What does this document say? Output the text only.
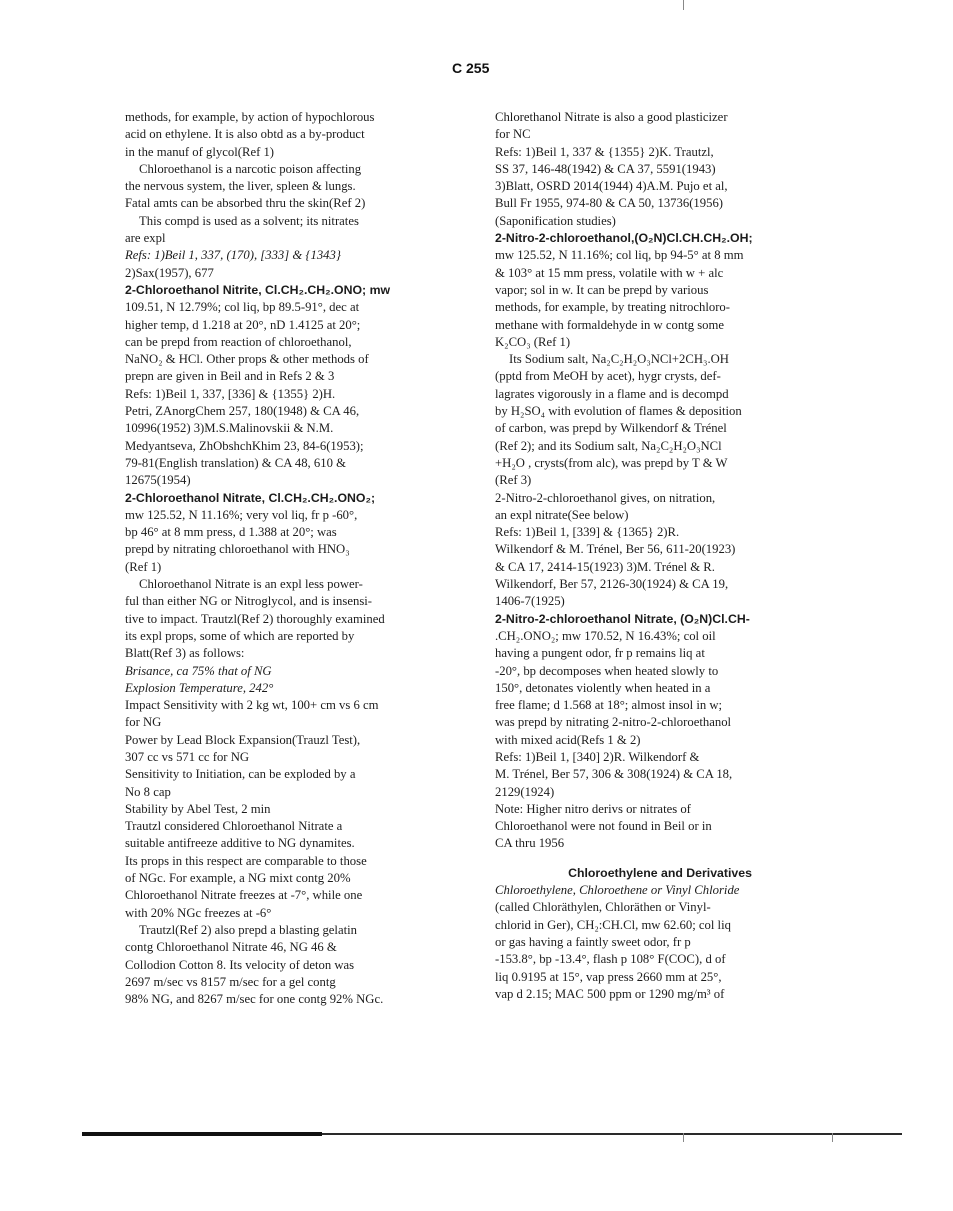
C 255

methods, for example, by action of hypochlorous

acid on ethylene. It is also obtd as a by-product

in the manuf of glycol(Ref 1)

Chloroethanol is a narcotic poison affecting

the nervous system, the liver, spleen & lungs.

Fatal amts can be absorbed thru the skin(Ref 2)

This compd is used as a solvent; its nitrates

are expl

Refs: 1)Beil 1, 337, (170), [333] & {1343}

2)Sax(1957), 677

2-Chloroethanol Nitrite, Cl.CH₂.CH₂.ONO; mw

109.51, N 12.79%; col liq, bp 89.5-91°, dec at

higher temp, d 1.218 at 20°, nD 1.4125 at 20°;

can be prepd from reaction of chloroethanol,

NaNO₂ & HCl. Other props & other methods of

prepn are given in Beil and in Refs 2 & 3

Refs: 1)Beil 1, 337, [336] & {1355} 2)H.

Petri, ZAnorgChem 257, 180(1948) & CA 46,

10996(1952) 3)M.S.Malinovskii & N.M.

Medyantseva, ZhObshchKhim 23, 84-6(1953);

79-81(English translation) & CA 48, 610 &

12675(1954)

2-Chloroethanol Nitrate, Cl.CH₂.CH₂.ONO₂;

mw 125.52, N 11.16%; very vol liq, fr p -60°,

bp 46° at 8 mm press, d 1.388 at 20°; was

prepd by nitrating chloroethanol with HNO₃

(Ref 1)

Chloroethanol Nitrate is an expl less power-

ful than either NG or Nitroglycol, and is insensi-

tive to impact. Trautzl(Ref 2) thoroughly examined

its expl props, some of which are reported by

Blatt(Ref 3) as follows:

Brisance, ca 75% that of NG

Explosion Temperature, 242°

Impact Sensitivity with 2 kg wt, 100+ cm vs 6 cm

for NG

Power by Lead Block Expansion(Trauzl Test),

307 cc vs 571 cc for NG

Sensitivity to Initiation, can be exploded by a

No 8 cap

Stability by Abel Test, 2 min

Trautzl considered Chloroethanol Nitrate a

suitable antifreeze additive to NG dynamites.

Its props in this respect are comparable to those

of NGc. For example, a NG mixt contg 20%

Chloroethanol Nitrate freezes at -7°, while one

with 20% NGc freezes at -6°

Trautzl(Ref 2) also prepd a blasting gelatin

contg Chloroethanol Nitrate 46, NG 46 &

Collodion Cotton 8. Its velocity of deton was

2697 m/sec vs 8157 m/sec for a gel contg

98% NG, and 8267 m/sec for one contg 92% NGc.

Chlorethanol Nitrate is also a good plasticizer

for NC

Refs: 1)Beil 1, 337 & {1355} 2)K. Trautzl,

SS 37, 146-48(1942) & CA 37, 5591(1943)

3)Blatt, OSRD 2014(1944) 4)A.M. Pujo et al,

Bull Fr 1955, 974-80 & CA 50, 13736(1956)

(Saponification studies)

2-Nitro-2-chloroethanol,(O₂N)Cl.CH.CH₂.OH;

mw 125.52, N 11.16%; col liq, bp 94-5° at 8 mm

& 103° at 15 mm press, volatile with w + alc

vapor; sol in w. It can be prepd by various

methods, for example, by treating nitrochloro-

methane with formaldehyde in w contg some

K₂CO₃ (Ref 1)

Its Sodium salt, Na₂C₂H₂O₃NCl+2CH₃.OH

(pptd from MeOH by acet), hygr crysts, def-

lagrates vigorously in a flame and is decompd

by H₂SO₄ with evolution of flames & deposition

of carbon, was prepd by Wilkendorf & Trénel

(Ref 2); and its Sodium salt, Na₂C₂H₂O₃NCl

+H₂O , crysts(from alc), was prepd by T & W

(Ref 3)

2-Nitro-2-chloroethanol gives, on nitration,

an expl nitrate(See below)

Refs: 1)Beil 1, [339] & {1365} 2)R.

Wilkendorf & M. Trénel, Ber 56, 611-20(1923)

& CA 17, 2414-15(1923) 3)M. Trénel & R.

Wilkendorf, Ber 57, 2126-30(1924) & CA 19,

1406-7(1925)

2-Nitro-2-chloroethanol Nitrate, (O₂N)Cl.CH-

.CH₂.ONO₂; mw 170.52, N 16.43%; col oil

having a pungent odor, fr p remains liq at

-20°, bp decomposes when heated slowly to

150°, detonates violently when heated in a

free flame; d 1.568 at 18°; almost insol in w;

was prepd by nitrating 2-nitro-2-chloroethanol

with mixed acid(Refs 1 & 2)

Refs: 1)Beil 1, [340] 2)R. Wilkendorf &

M. Trénel, Ber 57, 306 & 308(1924) & CA 18,

2129(1924)

Note: Higher nitro derivs or nitrates of

Chloroethanol were not found in Beil or in

CA thru 1956

Chloroethylene and Derivatives

Chloroethylene, Chloroethene or Vinyl Chloride

(called Chloräthylen, Chloräthen or Vinyl-

chlorid in Ger), CH₂:CH.Cl, mw 62.60; col liq

or gas having a faintly sweet odor, fr p

-153.8°, bp -13.4°, flash p 108° F(COC), d of

liq 0.9195 at 15°, vap press 2660 mm at 25°,

vap d 2.15; MAC 500 ppm or 1290 mg/m³ of
